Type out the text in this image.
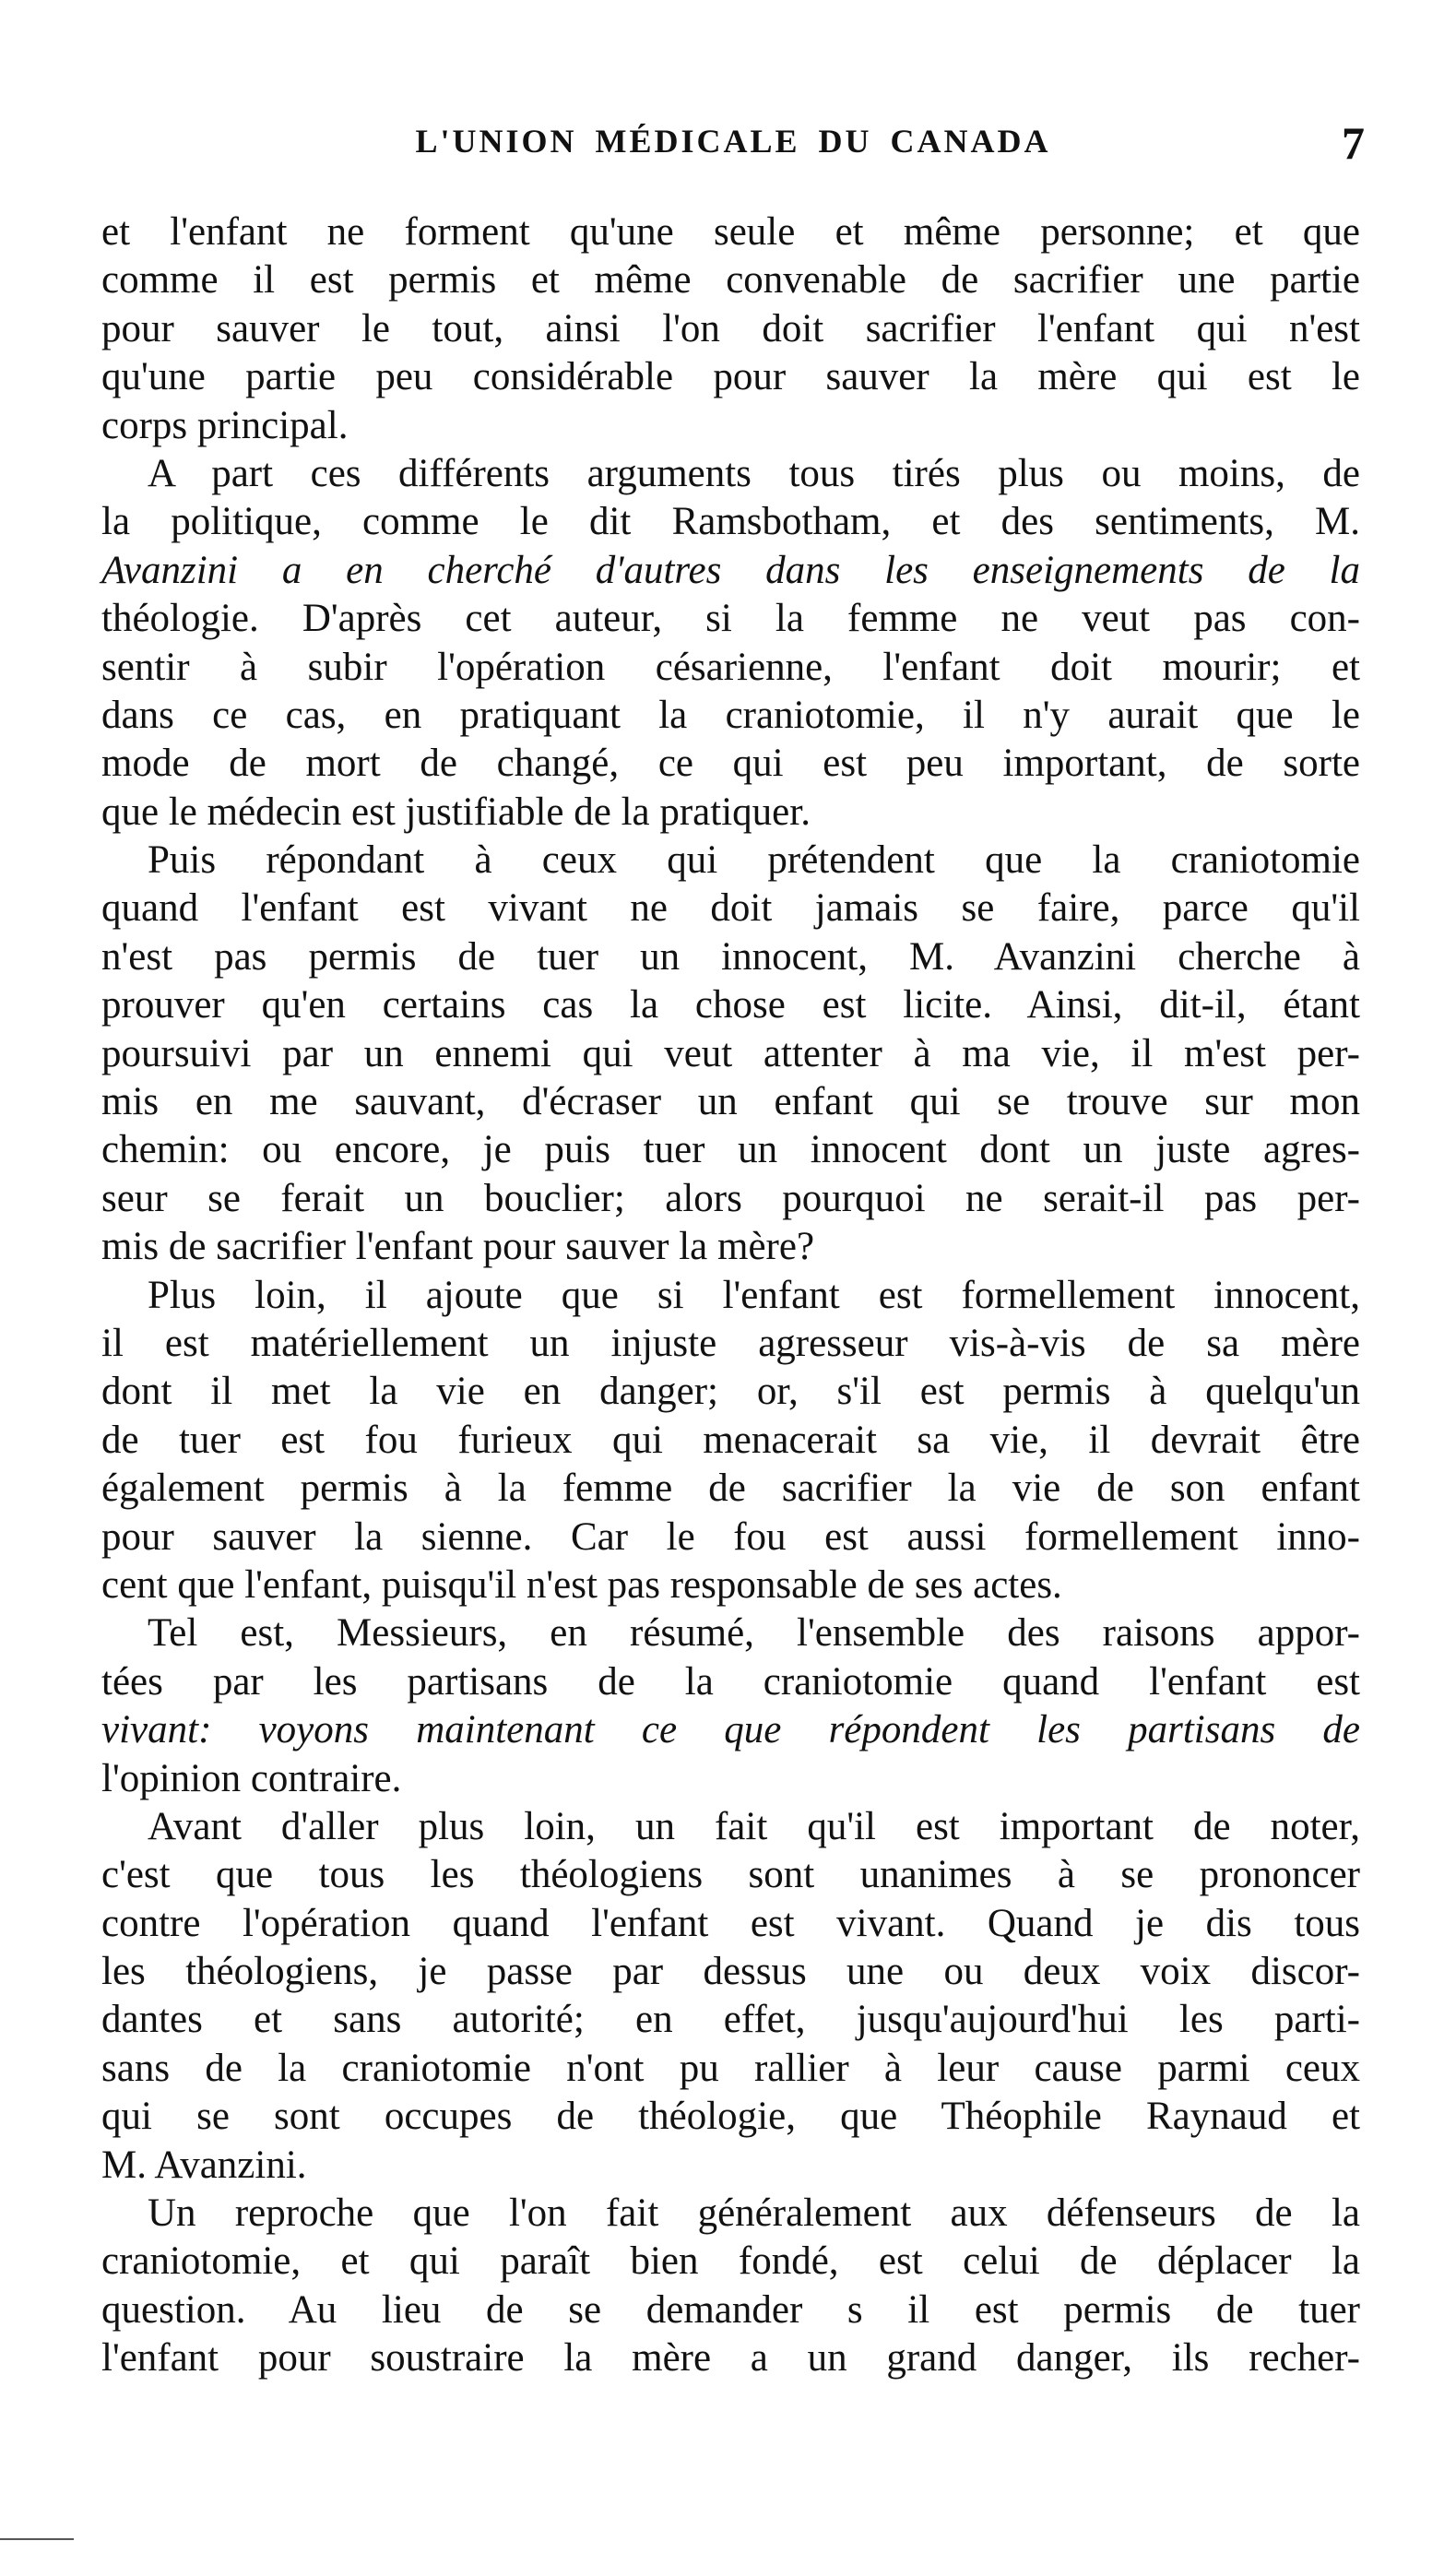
L'UNION MÉDICALE DU CANADA	7
et l'enfant ne forment qu'une seule et même personne; et que
comme il est permis et même convenable de sacrifier une partie
pour sauver le tout, ainsi l'on doit sacrifier l'enfant qui n'est
qu'une partie peu considérable pour sauver la mère qui est le
corps principal.
A part ces différents arguments tous tirés plus ou moins, de
la politique, comme le dit Ramsbotham, et des sentiments, M.
Avanzini a en cherché d'autres dans les enseignements de la
théologie. D'après cet auteur, si la femme ne veut pas con-
sentir à subir l'opération césarienne, l'enfant doit mourir; et
dans ce cas, en pratiquant la craniotomie, il n'y aurait que le
mode de mort de changé, ce qui est peu important, de sorte
que le médecin est justifiable de la pratiquer.
Puis répondant à ceux qui prétendent que la craniotomie
quand l'enfant est vivant ne doit jamais se faire, parce qu'il
n'est pas permis de tuer un innocent, M. Avanzini cherche à
prouver qu'en certains cas la chose est licite. Ainsi, dit-il, étant
poursuivi par un ennemi qui veut attenter à ma vie, il m'est per-
mis en me sauvant, d'écraser un enfant qui se trouve sur mon
chemin: ou encore, je puis tuer un innocent dont un juste agres-
seur se ferait un bouclier; alors pourquoi ne serait-il pas per-
mis de sacrifier l'enfant pour sauver la mère?
Plus loin, il ajoute que si l'enfant est formellement innocent,
il est matériellement un injuste agresseur vis-à-vis de sa mère
dont il met la vie en danger; or, s'il est permis à quelqu'un
de tuer est fou furieux qui menacerait sa vie, il devrait être
également permis à la femme de sacrifier la vie de son enfant
pour sauver la sienne. Car le fou est aussi formellement inno-
cent que l'enfant, puisqu'il n'est pas responsable de ses actes.
Tel est, Messieurs, en résumé, l'ensemble des raisons appor-
tées par les partisans de la craniotomie quand l'enfant est
vivant: voyons maintenant ce que répondent les partisans de
l'opinion contraire.
Avant d'aller plus loin, un fait qu'il est important de noter,
c'est que tous les théologiens sont unanimes à se prononcer
contre l'opération quand l'enfant est vivant. Quand je dis tous
les théologiens, je passe par dessus une ou deux voix discor-
dantes et sans autorité; en effet, jusqu'aujourd'hui les parti-
sans de la craniotomie n'ont pu rallier à leur cause parmi ceux
qui se sont occupes de théologie, que Théophile Raynaud et
M. Avanzini.
Un reproche que l'on fait généralement aux défenseurs de la
craniotomie, et qui paraît bien fondé, est celui de déplacer la
question. Au lieu de se demander s il est permis de tuer
l'enfant pour soustraire la mère a un grand danger, ils recher-
